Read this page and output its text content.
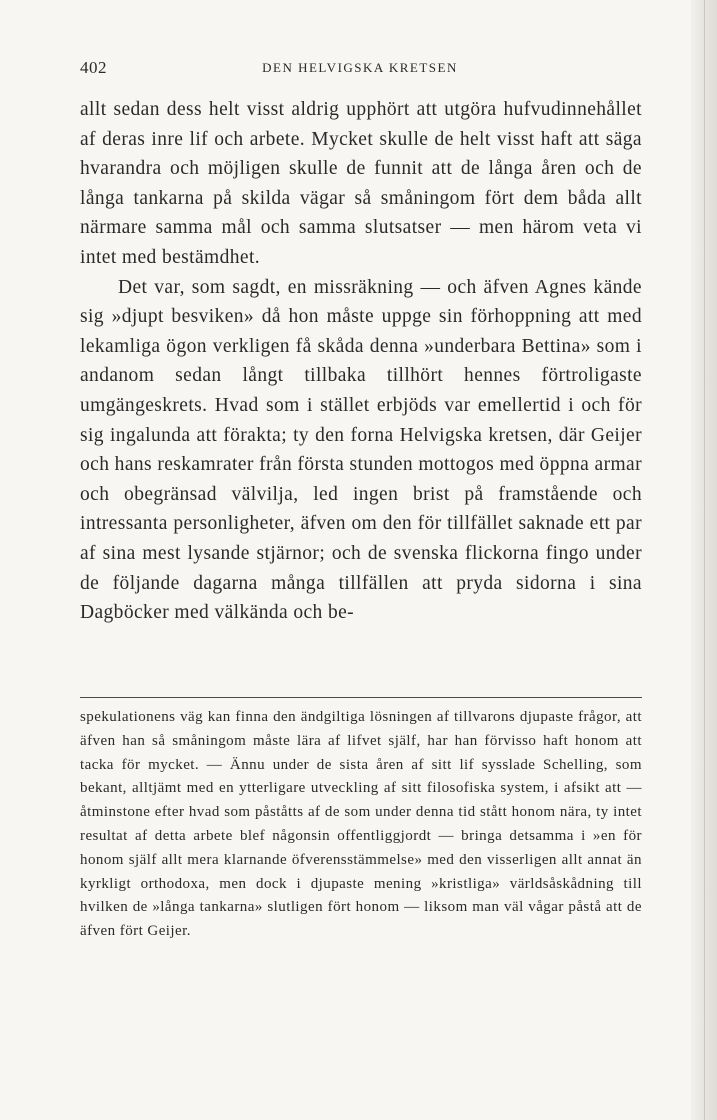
402	DEN HELVIGSKA KRETSEN

allt sedan dess helt visst aldrig upphört att utgöra hufvudinnehållet af deras inre lif och arbete. Mycket skulle de helt visst haft att säga hvarandra och möjligen skulle de funnit att de långa åren och de långa tankarna på skilda vägar så småningom fört dem båda allt närmare samma mål och samma slutsatser — men härom veta vi intet med bestämdhet.

Det var, som sagdt, en missräkning — och äfven Agnes kände sig »djupt besviken» då hon måste uppge sin förhoppning att med lekamliga ögon verkligen få skåda denna »underbara Bettina» som i andanom sedan långt tillbaka tillhört hennes förtroligaste umgängeskrets. Hvad som i stället erbjöds var emellertid i och för sig ingalunda att förakta; ty den forna Helvigska kretsen, där Geijer och hans reskamrater från första stunden mottogos med öppna armar och obegränsad välvilja, led ingen brist på framstående och intressanta personligheter, äfven om den för tillfället saknade ett par af sina mest lysande stjärnor; och de svenska flickorna fingo under de följande dagarna många tillfällen att pryda sidorna i sina Dagböcker med välkända och be-

spekulationens väg kan finna den ändgiltiga lösningen af tillvarons djupaste frågor, att äfven han så småningom måste lära af lifvet själf, har han förvisso haft honom att tacka för mycket. — Ännu under de sista åren af sitt lif sysslade Schelling, som bekant, alltjämt med en ytterligare utveckling af sitt filosofiska system, i afsikt att — åtminstone efter hvad som påståtts af de som under denna tid stått honom nära, ty intet resultat af detta arbete blef någonsin offentliggjordt — bringa detsamma i »en för honom själf allt mera klarnande öfverensstämmelse» med den visserligen allt annat än kyrkligt orthodoxa, men dock i djupaste mening »kristliga» världsåskådning till hvilken de »långa tankarna» slutligen fört honom — liksom man väl vågar påstå att de äfven fört Geijer.
